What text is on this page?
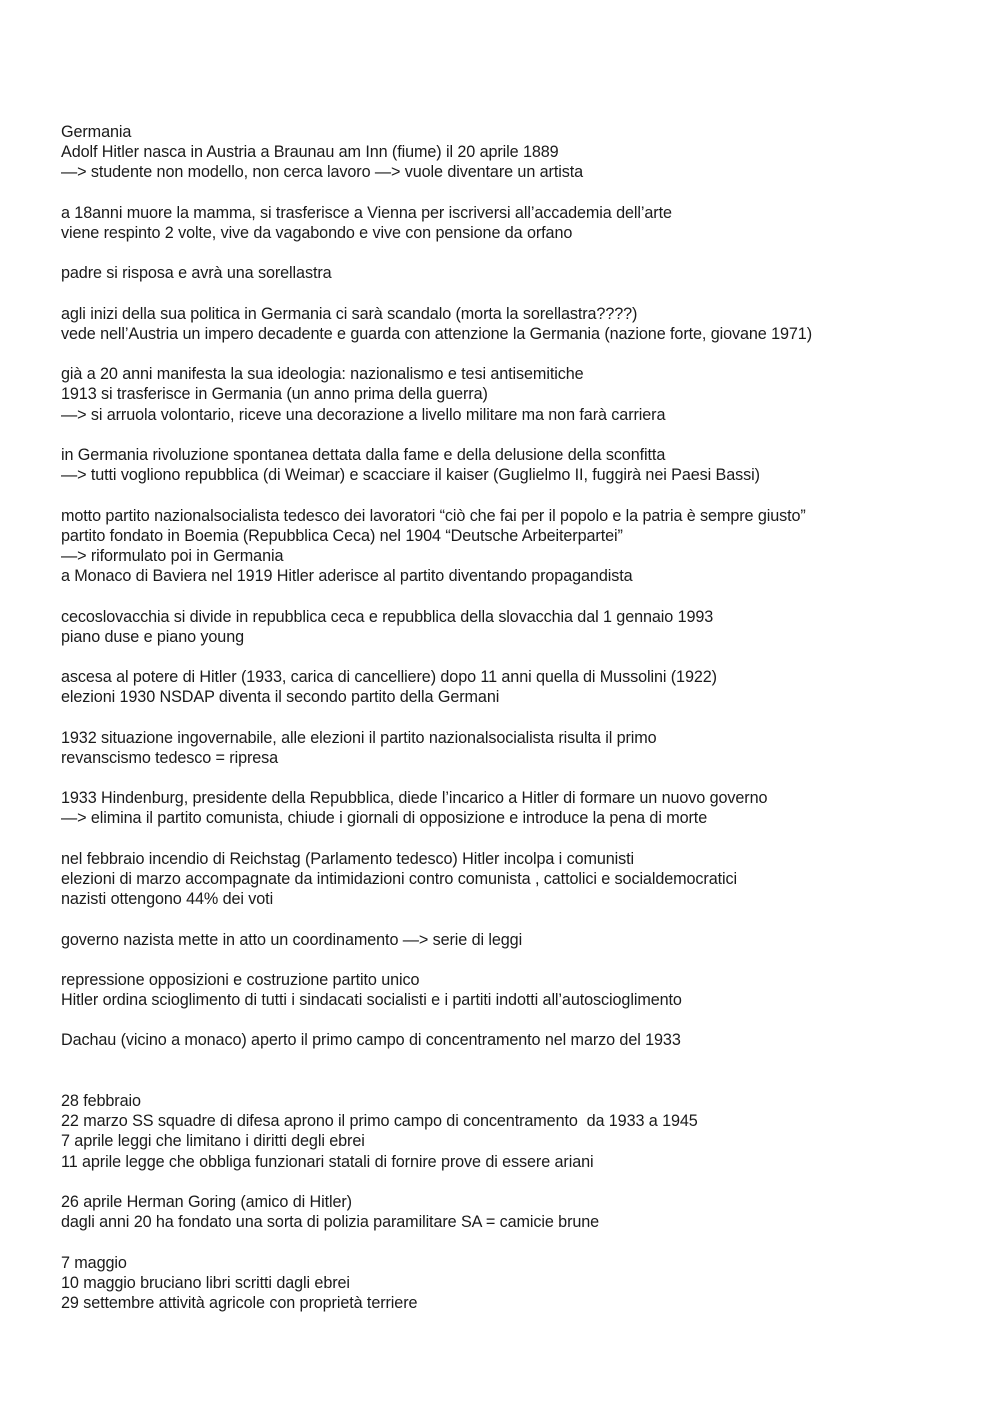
Germania
Adolf Hitler nasca in Austria a Braunau am Inn (fiume) il 20 aprile 1889
—> studente non modello, non cerca lavoro —> vuole diventare un artista
a 18anni muore la mamma, si trasferisce a Vienna per iscriversi all’accademia dell’arte
viene respinto 2 volte, vive da vagabondo e vive con pensione da orfano
padre si risposa e avrà una sorellastra
agli inizi della sua politica in Germania ci sarà scandalo (morta la sorellastra????)
vede nell’Austria un impero decadente e guarda con attenzione la Germania (nazione forte, giovane 1971)
già a 20 anni manifesta la sua ideologia: nazionalismo e tesi antisemitiche
1913 si trasferisce in Germania (un anno prima della guerra)
—> si arruola volontario, riceve una decorazione a livello militare ma non farà carriera
in Germania rivoluzione spontanea dettata dalla fame e della delusione della sconfitta
—> tutti vogliono repubblica (di Weimar) e scacciare il kaiser (Guglielmo II, fuggirà nei Paesi Bassi)
motto partito nazionalsocialista tedesco dei lavoratori “ciò che fai per il popolo e la patria è sempre giusto”
partito fondato in Boemia (Repubblica Ceca) nel 1904 “Deutsche Arbeiterpartei”
—> riformulato poi in Germania
a Monaco di Baviera nel 1919 Hitler aderisce al partito diventando propagandista
cecoslovacchia si divide in repubblica ceca e repubblica della slovacchia dal 1 gennaio 1993
piano duse e piano young
ascesa al potere di Hitler (1933, carica di cancelliere) dopo 11 anni quella di Mussolini (1922)
elezioni 1930 NSDAP diventa il secondo partito della Germani
1932 situazione ingovernabile, alle elezioni il partito nazionalsocialista risulta il primo
revanscismo tedesco = ripresa
1933 Hindenburg, presidente della Repubblica, diede l’incarico a Hitler di formare un nuovo governo
—> elimina il partito comunista, chiude i giornali di opposizione e introduce la pena di morte
nel febbraio incendio di Reichstag (Parlamento tedesco) Hitler incolpa i comunisti
elezioni di marzo accompagnate da intimidazioni contro comunista , cattolici e socialdemocratici
nazisti ottengono 44% dei voti
governo nazista mette in atto un coordinamento —> serie di leggi
repressione opposizioni e costruzione partito unico
Hitler ordina scioglimento di tutti i sindacati socialisti e i partiti indotti all’autoscioglimento
Dachau (vicino a monaco) aperto il primo campo di concentramento nel marzo del 1933
28 febbraio
22 marzo SS squadre di difesa aprono il primo campo di concentramento  da 1933 a 1945
7 aprile leggi che limitano i diritti degli ebrei
11 aprile legge che obbliga funzionari statali di fornire prove di essere ariani
26 aprile Herman Goring (amico di Hitler)
dagli anni 20 ha fondato una sorta di polizia paramilitare SA = camicie brune
7 maggio
10 maggio bruciano libri scritti dagli ebrei
29 settembre attività agricole con proprietà terriere
